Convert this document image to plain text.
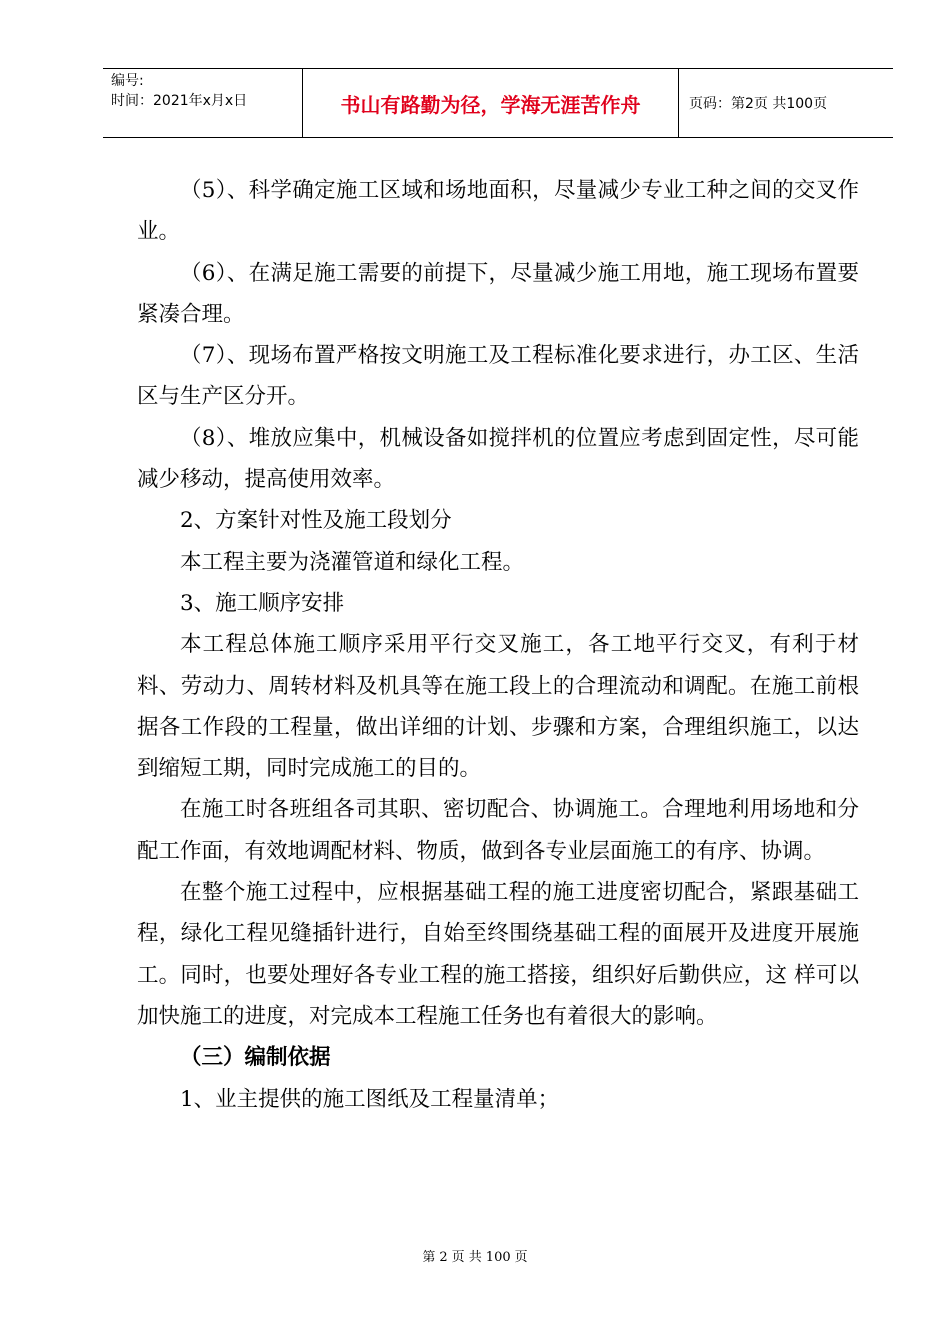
编号:
时间：2021年x月x日	书山有路勤为径，学海无涯苦作舟	页码：第2页 共100页

（5）、科学确定施工区域和场地面积，尽量减少专业工种之间的交叉作业。

（6）、在满足施工需要的前提下，尽量减少施工用地，施工现场布置要紧凑合理。

（7）、现场布置严格按文明施工及工程标准化要求进行，办工区、生活区与生产区分开。

（8）、堆放应集中，机械设备如搅拌机的位置应考虑到固定性，尽可能减少移动，提高使用效率。

2、方案针对性及施工段划分

本工程主要为浇灌管道和绿化工程。

3、施工顺序安排

本工程总体施工顺序采用平行交叉施工，各工地平行交叉，有利于材料、劳动力、周转材料及机具等在施工段上的合理流动和调配。在施工前根据各工作段的工程量，做出详细的计划、步骤和方案，合理组织施工，以达到缩短工期，同时完成施工的目的。

在施工时各班组各司其职、密切配合、协调施工。合理地利用场地和分配工作面，有效地调配材料、物质，做到各专业层面施工的有序、协调。

在整个施工过程中，应根据基础工程的施工进度密切配合，紧跟基础工程，绿化工程见缝插针进行，自始至终围绕基础工程的面展开及进度开展施工。同时，也要处理好各专业工程的施工搭接，组织好后勤供应，这 样可以加快施工的进度，对完成本工程施工任务也有着很大的影响。

（三）编制依据

1、业主提供的施工图纸及工程量清单；

第 2 页 共 100 页
